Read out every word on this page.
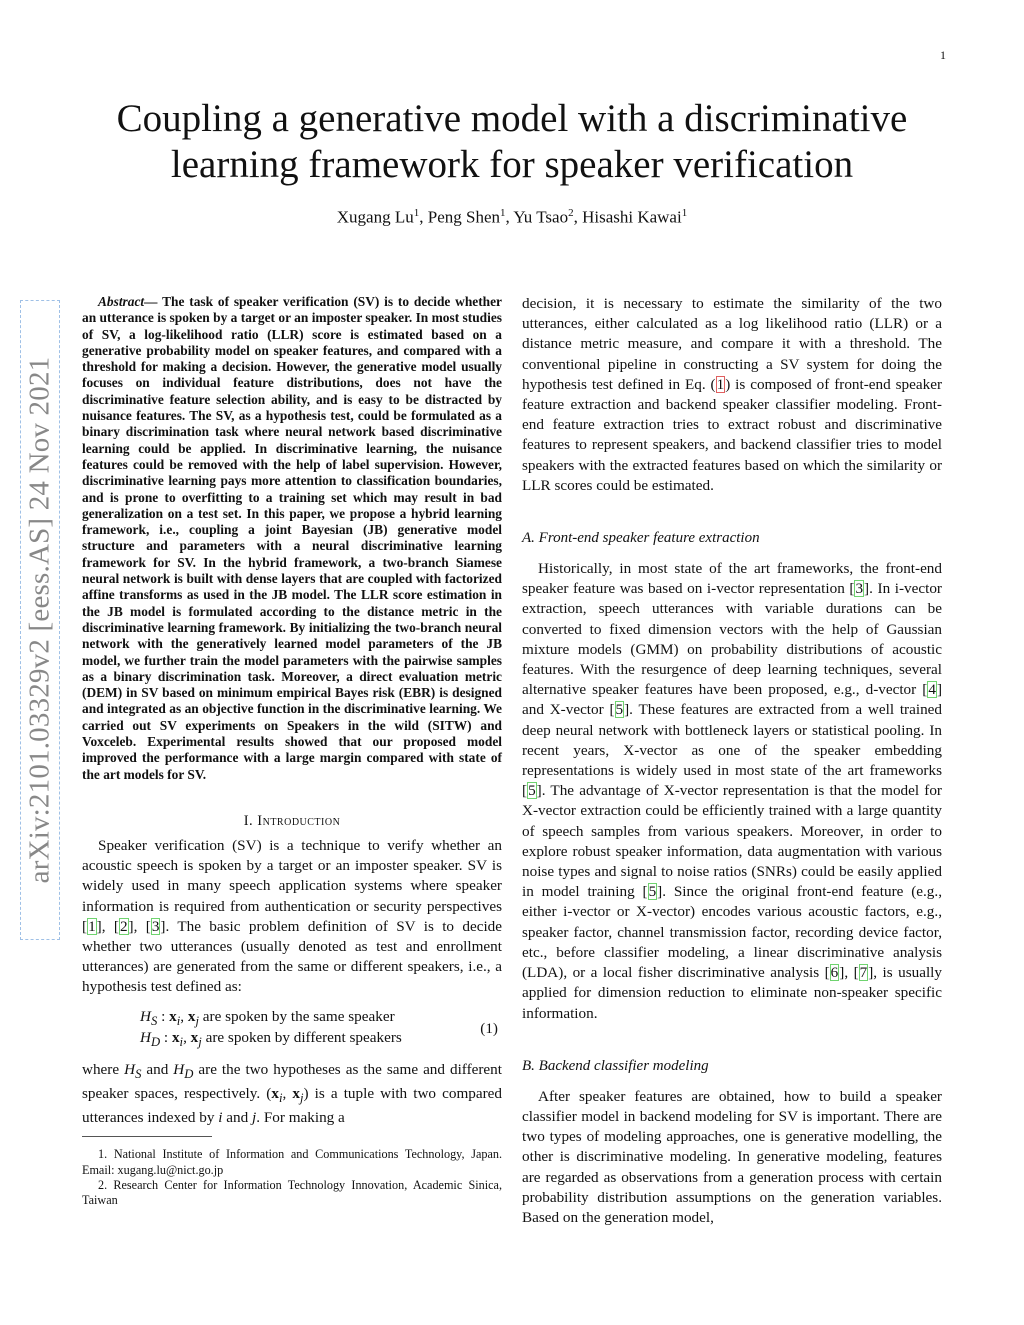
1
Coupling a generative model with a discriminative learning framework for speaker verification
Xugang Lu$^1$, Peng Shen$^1$, Yu Tsao$^2$, Hisashi Kawai$^1$
arXiv:2101.03329v2 [eess.AS] 24 Nov 2021

Abstract— The task of speaker verification (SV) is to decide whether an utterance is spoken by a target or an imposter speaker. In most studies of SV, a log-likelihood ratio (LLR) score is estimated based on a generative probability model on speaker features, and compared with a threshold for making a decision. However, the generative model usually focuses on individual feature distributions, does not have the discriminative feature selection ability, and is easy to be distracted by nuisance features. The SV, as a hypothesis test, could be formulated as a binary discrimination task where neural network based discriminative learning could be applied. In discriminative learning, the nuisance features could be removed with the help of label supervision. However, discriminative learning pays more attention to classification boundaries, and is prone to overfitting to a training set which may result in bad generalization on a test set. In this paper, we propose a hybrid learning framework, i.e., coupling a joint Bayesian (JB) generative model structure and parameters with a neural discriminative learning framework for SV. In the hybrid framework, a two-branch Siamese neural network is built with dense layers that are coupled with factorized affine transforms as used in the JB model. The LLR score estimation in the JB model is formulated according to the distance metric in the discriminative learning framework. By initializing the two-branch neural network with the generatively learned model parameters of the JB model, we further train the model parameters with the pairwise samples as a binary discrimination task. Moreover, a direct evaluation metric (DEM) in SV based on minimum empirical Bayes risk (EBR) is designed and integrated as an objective function in the discriminative learning. We carried out SV experiments on Speakers in the wild (SITW) and Voxceleb. Experimental results showed that our proposed model improved the performance with a large margin compared with state of the art models for SV.

I. Introduction

Speaker verification (SV) is a technique to verify whether an acoustic speech is spoken by a target or an imposter speaker. SV is widely used in many speech application systems where speaker information is required from authentication or security perspectives [1], [2], [3]. The basic problem definition of SV is to decide whether two utterances (usually denoted as test and enrollment utterances) are generated from the same or different speakers, i.e., a hypothesis test defined as:

$H_S$ : $x_i$, $x_j$ are spoken by the same speaker
$H_D$ : $x_i$, $x_j$ are spoken by different speakers
(1)

where $H_S$ and $H_D$ are the two hypotheses as the same and different speaker spaces, respectively. ($x_i$, $x_j$) is a tuple with two compared utterances indexed by i and j. For making a

1. National Institute of Information and Communications Technology, Japan. Email: xugang.lu@nict.go.jp

2. Research Center for Information Technology Innovation, Academic Sinica, Taiwan

decision, it is necessary to estimate the similarity of the two utterances, either calculated as a log likelihood ratio (LLR) or a distance metric measure, and compare it with a threshold. The conventional pipeline in constructing a SV system for doing the hypothesis test defined in Eq. (1) is composed of front-end speaker feature extraction and backend speaker classifier modeling. Front-end feature extraction tries to extract robust and discriminative features to represent speakers, and backend classifier tries to model speakers with the extracted features based on which the similarity or LLR scores could be estimated.

A. Front-end speaker feature extraction

Historically, in most state of the art frameworks, the front-end speaker feature was based on i-vector representation [3]. In i-vector extraction, speech utterances with variable durations can be converted to fixed dimension vectors with the help of Gaussian mixture models (GMM) on probability distributions of acoustic features. With the resurgence of deep learning techniques, several alternative speaker features have been proposed, e.g., d-vector [4] and X-vector [5]. These features are extracted from a well trained deep neural network with bottleneck layers or statistical pooling. In recent years, X-vector as one of the speaker embedding representations is widely used in most state of the art frameworks [5]. The advantage of X-vector representation is that the model for X-vector extraction could be efficiently trained with a large quantity of speech samples from various speakers. Moreover, in order to explore robust speaker information, data augmentation with various noise types and signal to noise ratios (SNRs) could be easily applied in model training [5]. Since the original front-end feature (e.g., either i-vector or X-vector) encodes various acoustic factors, e.g., speaker factor, channel transmission factor, recording device factor, etc., before classifier modeling, a linear discriminative analysis (LDA), or a local fisher discriminative analysis [6], [7], is usually applied for dimension reduction to eliminate non-speaker specific information.

B. Backend classifier modeling

After speaker features are obtained, how to build a speaker classifier model in backend modeling for SV is important. There are two types of modeling approaches, one is generative modelling, the other is discriminative modeling. In generative modeling, features are regarded as observations from a generation process with certain probability distribution assumptions on the generation variables. Based on the generation model,
